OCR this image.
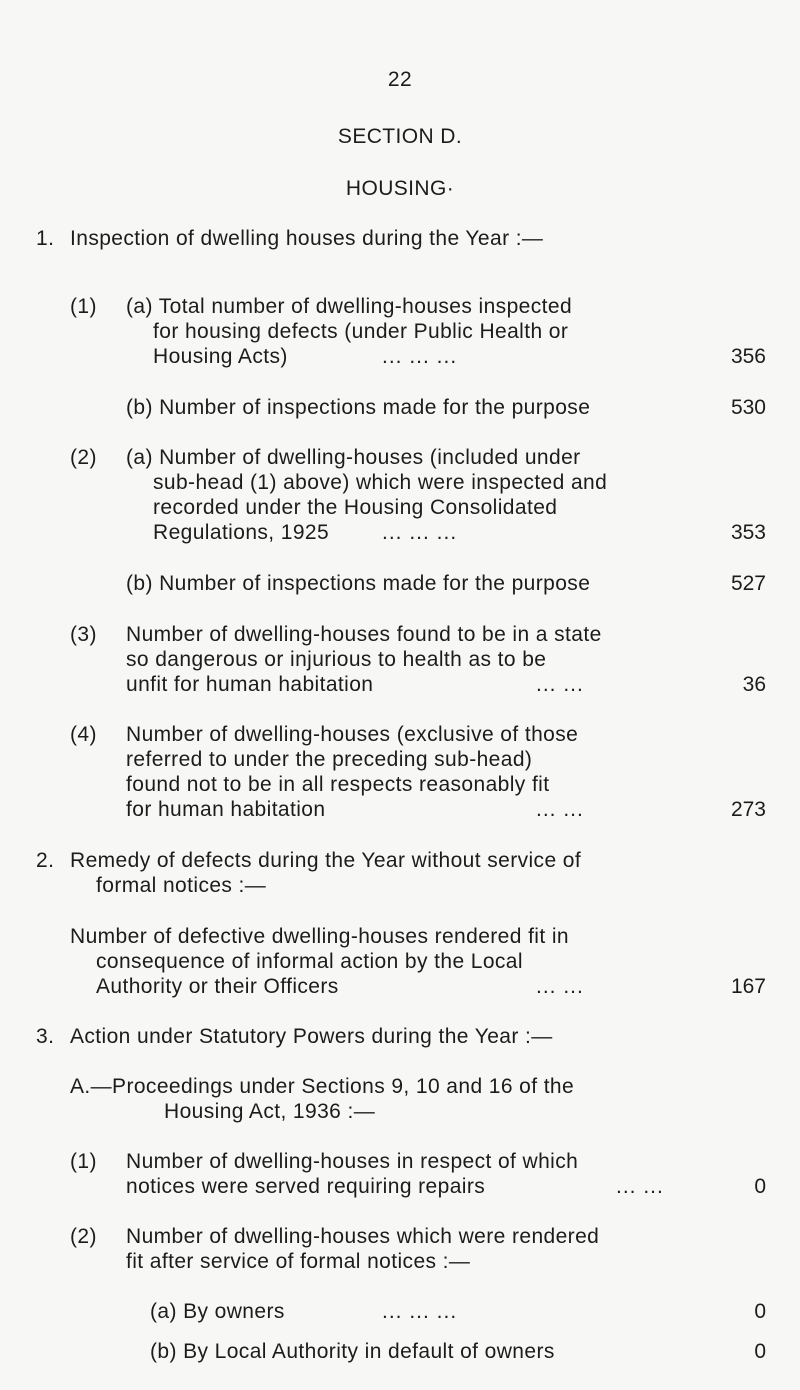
22
SECTION D.
HOUSING·
1. Inspection of dwelling houses during the Year :—
(1) (a) Total number of dwelling-houses inspected
for housing defects (under Public Health or
Housing Acts)	... ... ...	356
(b) Number of inspections made for the purpose	530
(2) (a) Number of dwelling-houses (included under
sub-head (1) above) which were inspected and
recorded under the Housing Consolidated
Regulations, 1925	... ... ...	353
(b) Number of inspections made for the purpose	527
(3) Number of dwelling-houses found to be in a state
so dangerous or injurious to health as to be
unfit for human habitation	... ...	36
(4) Number of dwelling-houses (exclusive of those
referred to under the preceding sub-head)
found not to be in all respects reasonably fit
for human habitation	... ...	273
2. Remedy of defects during the Year without service of
formal notices :—
Number of defective dwelling-houses rendered fit in
consequence of informal action by the Local
Authority or their Officers	... ...	167
3. Action under Statutory Powers during the Year :—
A.—Proceedings under Sections 9, 10 and 16 of the
Housing Act, 1936 :—
(1) Number of dwelling-houses in respect of which
notices were served requiring repairs	... ...	0
(2) Number of dwelling-houses which were rendered
fit after service of formal notices :—
(a) By owners	... ... ...	0
(b) By Local Authority in default of owners	0
